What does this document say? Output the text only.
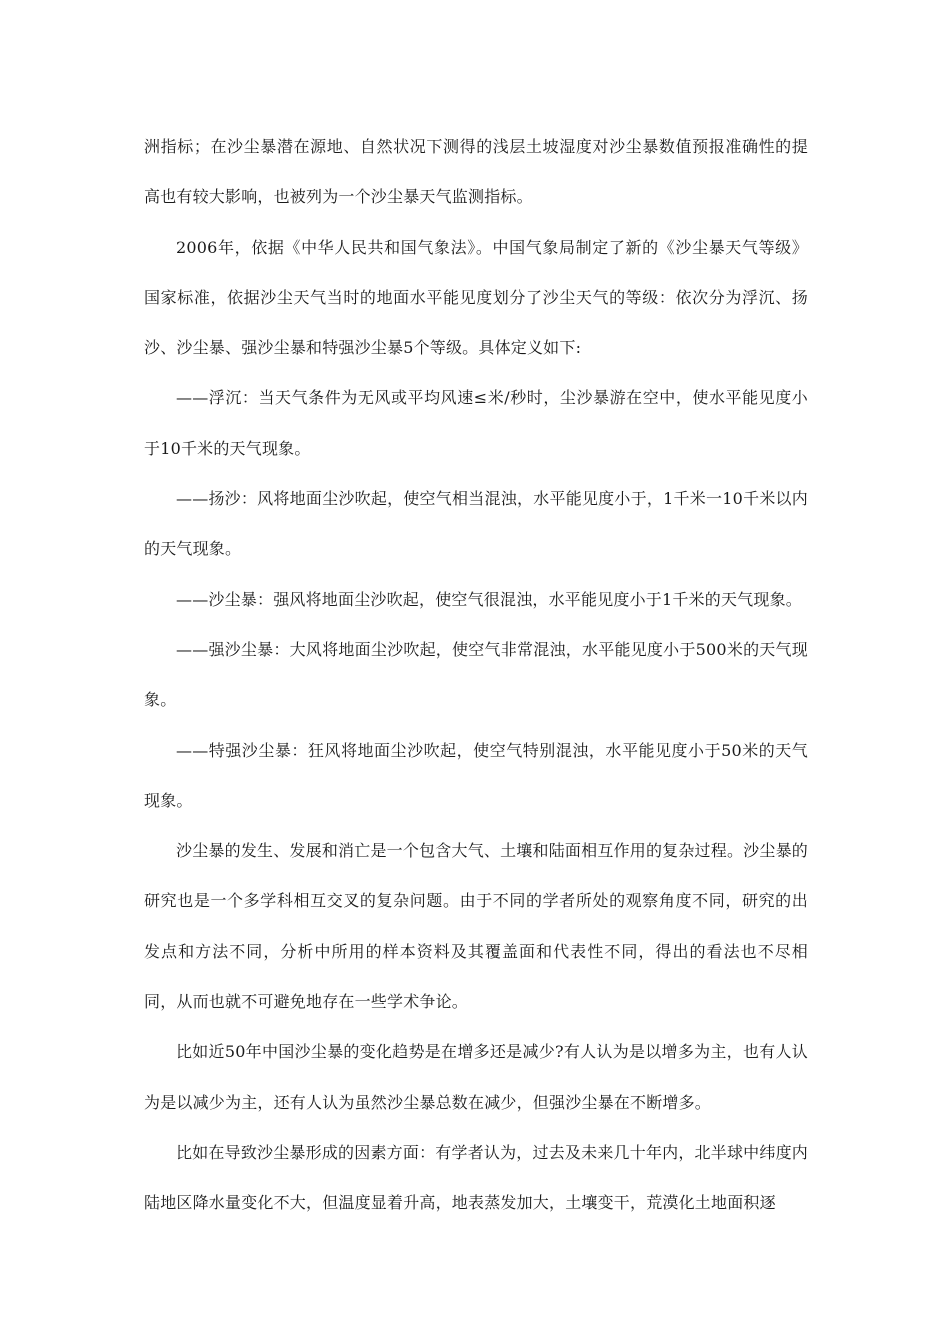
洲指标；在沙尘暴潜在源地、自然状况下测得的浅层土坡湿度对沙尘暴数值预报准确性的提高也有较大影响，也被列为一个沙尘暴天气监测指标。

2006年，依据《中华人民共和国气象法》。中国气象局制定了新的《沙尘暴天气等级》国家标准，依据沙尘天气当时的地面水平能见度划分了沙尘天气的等级：依次分为浮沉、扬沙、沙尘暴、强沙尘暴和特强沙尘暴5个等级。具体定义如下:

——浮沉：当天气条件为无风或平均风速≤米/秒时，尘沙暴游在空中，使水平能见度小于10千米的天气现象。

——扬沙：风将地面尘沙吹起，使空气相当混浊，水平能见度小于，1千米一10千米以内的天气现象。

——沙尘暴：强风将地面尘沙吹起，使空气很混浊，水平能见度小于1千米的天气现象。

——强沙尘暴：大风将地面尘沙吹起，使空气非常混浊，水平能见度小于500米的天气现象。

——特强沙尘暴：狂风将地面尘沙吹起，使空气特别混浊，水平能见度小于50米的天气现象。

沙尘暴的发生、发展和消亡是一个包含大气、土壤和陆面相互作用的复杂过程。沙尘暴的研究也是一个多学科相互交叉的复杂问题。由于不同的学者所处的观察角度不同，研究的出发点和方法不同，分析中所用的样本资料及其覆盖面和代表性不同，得出的看法也不尽相同，从而也就不可避免地存在一些学术争论。

比如近50年中国沙尘暴的变化趋势是在增多还是减少?有人认为是以增多为主，也有人认为是以减少为主，还有人认为虽然沙尘暴总数在减少，但强沙尘暴在不断增多。

比如在导致沙尘暴形成的因素方面：有学者认为，过去及未来几十年内，北半球中纬度内陆地区降水量变化不大，但温度显着升高，地表蒸发加大，土壤变干，荒漠化土地面积逐
